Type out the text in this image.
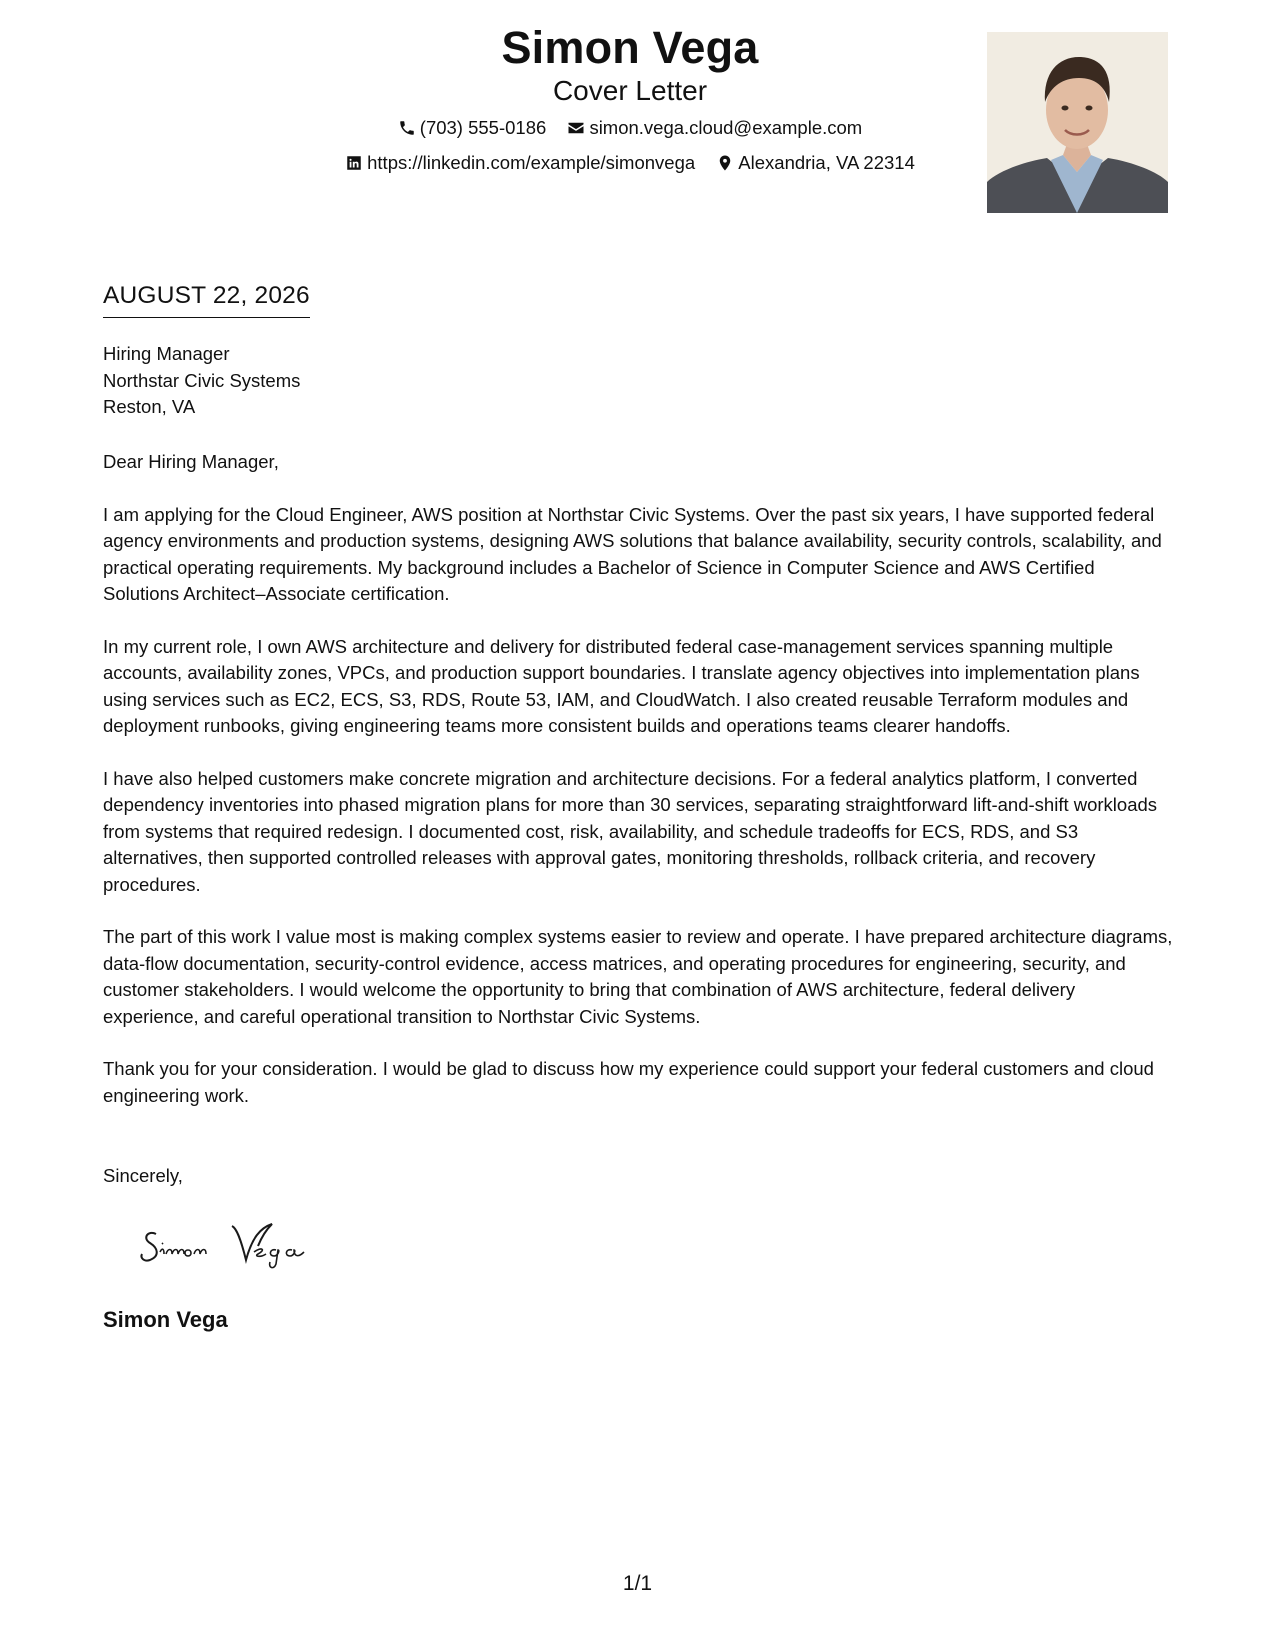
Simon Vega
Cover Letter
(703) 555-0186
simon.vega.cloud@example.com
https://linkedin.com/example/simonvega
Alexandria, VA 22314
AUGUST 22, 2026
Hiring Manager
Northstar Civic Systems
Reston, VA

Dear Hiring Manager,

I am applying for the Cloud Engineer, AWS position at Northstar Civic Systems. Over the past six years, I have supported federal agency environments and production systems, designing AWS solutions that balance availability, security controls, scalability, and practical operating requirements. My background includes a Bachelor of Science in Computer Science and AWS Certified Solutions Architect–Associate certification.

In my current role, I own AWS architecture and delivery for distributed federal case-management services spanning multiple accounts, availability zones, VPCs, and production support boundaries. I translate agency objectives into implementation plans using services such as EC2, ECS, S3, RDS, Route 53, IAM, and CloudWatch. I also created reusable Terraform modules and deployment runbooks, giving engineering teams more consistent builds and operations teams clearer handoffs.

I have also helped customers make concrete migration and architecture decisions. For a federal analytics platform, I converted dependency inventories into phased migration plans for more than 30 services, separating straightforward lift-and-shift workloads from systems that required redesign. I documented cost, risk, availability, and schedule tradeoffs for ECS, RDS, and S3 alternatives, then supported controlled releases with approval gates, monitoring thresholds, rollback criteria, and recovery procedures.

The part of this work I value most is making complex systems easier to review and operate. I have prepared architecture diagrams, data-flow documentation, security-control evidence, access matrices, and operating procedures for engineering, security, and customer stakeholders. I would welcome the opportunity to bring that combination of AWS architecture, federal delivery experience, and careful operational transition to Northstar Civic Systems.

Thank you for your consideration. I would be glad to discuss how my experience could support your federal customers and cloud engineering work.

Sincerely,
Simon Vega
1/1
